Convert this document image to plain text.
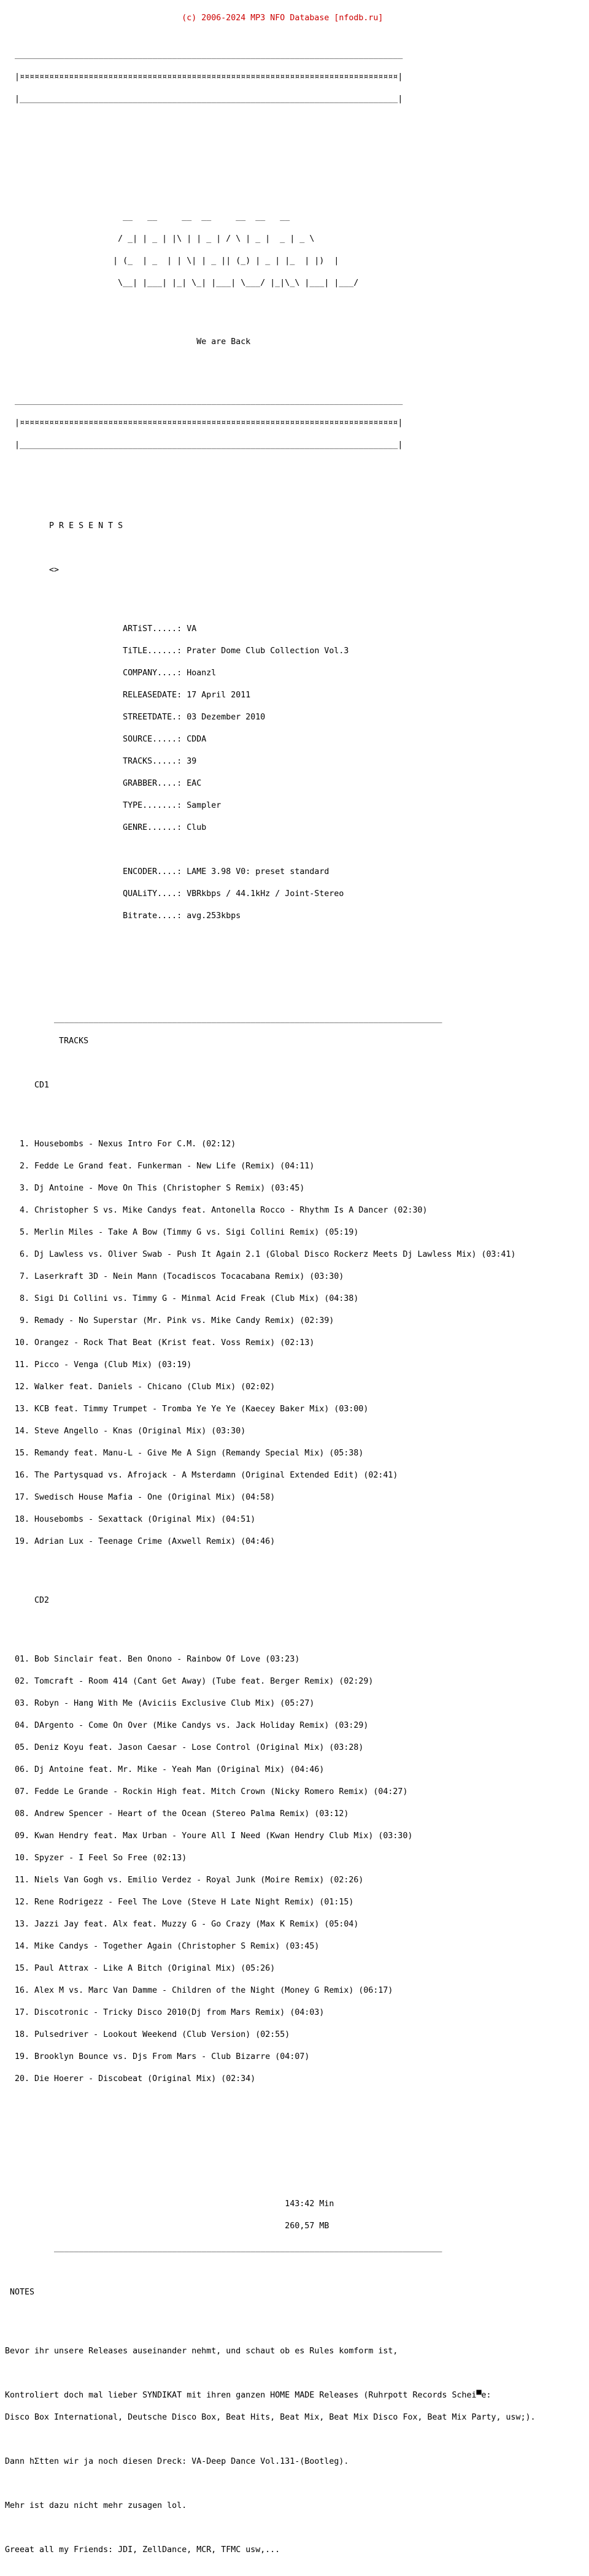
(c) 2006-2024 MP3 NFO Database [nfodb.ru]

_______________________________________________________________________________

|¤¤¤¤¤¤¤¤¤¤¤¤¤¤¤¤¤¤¤¤¤¤¤¤¤¤¤¤¤¤¤¤¤¤¤¤¤¤¤¤¤¤¤¤¤¤¤¤¤¤¤¤¤¤¤¤¤¤¤¤¤¤¤¤¤¤¤¤¤¤¤¤¤¤¤¤¤|

|_____________________________________________________________________________|

__   __     __  __     __  __   __

/ _| | _ | |\ | | _ | / \ | _ |  _ | _ \

| (_  | _  | | \| | _ || (_) | _ | |_  | |)  |

\__| |___| |_| \_| |___| \___/ |_|\_\ |___| |___/

We are Back

_______________________________________________________________________________

|¤¤¤¤¤¤¤¤¤¤¤¤¤¤¤¤¤¤¤¤¤¤¤¤¤¤¤¤¤¤¤¤¤¤¤¤¤¤¤¤¤¤¤¤¤¤¤¤¤¤¤¤¤¤¤¤¤¤¤¤¤¤¤¤¤¤¤¤¤¤¤¤¤¤¤¤¤|

|_____________________________________________________________________________|

P R E S E N T S

<>

ARTiST.....: VA

TiTLE......: Prater Dome Club Collection Vol.3

COMPANY....: Hoanzl

RELEASEDATE: 17 April 2011

STREETDATE.: 03 Dezember 2010

SOURCE.....: CDDA

TRACKS.....: 39

GRABBER....: EAC

TYPE.......: Sampler

GENRE......: Club

ENCODER....: LAME 3.98 V0: preset standard

QUALiTY....: VBRkbps / 44.1kHz / Joint-Stereo

Bitrate....: avg.253kbps

_______________________________________________________________________________

TRACKS

CD1

1. Housebombs - Nexus Intro For C.M. (02:12)

2. Fedde Le Grand feat. Funkerman - New Life (Remix) (04:11)

3. Dj Antoine - Move On This (Christopher S Remix) (03:45)

4. Christopher S vs. Mike Candys feat. Antonella Rocco - Rhythm Is A Dancer (02:30)

5. Merlin Miles - Take A Bow (Timmy G vs. Sigi Collini Remix) (05:19)

6. Dj Lawless vs. Oliver Swab - Push It Again 2.1 (Global Disco Rockerz Meets Dj Lawless Mix) (03:41)

7. Laserkraft 3D - Nein Mann (Tocadiscos Tocacabana Remix) (03:30)

8. Sigi Di Collini vs. Timmy G - Minmal Acid Freak (Club Mix) (04:38)

9. Remady - No Superstar (Mr. Pink vs. Mike Candy Remix) (02:39)

10. Orangez - Rock That Beat (Krist feat. Voss Remix) (02:13)

11. Picco - Venga (Club Mix) (03:19)

12. Walker feat. Daniels - Chicano (Club Mix) (02:02)

13. KCB feat. Timmy Trumpet - Tromba Ye Ye Ye (Kaecey Baker Mix) (03:00)

14. Steve Angello - Knas (Original Mix) (03:30)

15. Remandy feat. Manu-L - Give Me A Sign (Remandy Special Mix) (05:38)

16. The Partysquad vs. Afrojack - A Msterdamn (Original Extended Edit) (02:41)

17. Swedisch House Mafia - One (Original Mix) (04:58)

18. Housebombs - Sexattack (Original Mix) (04:51)

19. Adrian Lux - Teenage Crime (Axwell Remix) (04:46)

CD2

01. Bob Sinclair feat. Ben Onono - Rainbow Of Love (03:23)

02. Tomcraft - Room 414 (Cant Get Away) (Tube feat. Berger Remix) (02:29)

03. Robyn - Hang With Me (Aviciis Exclusive Club Mix) (05:27)

04. DArgento - Come On Over (Mike Candys vs. Jack Holiday Remix) (03:29)

05. Deniz Koyu feat. Jason Caesar - Lose Control (Original Mix) (03:28)

06. Dj Antoine feat. Mr. Mike - Yeah Man (Original Mix) (04:46)

07. Fedde Le Grande - Rockin High feat. Mitch Crown (Nicky Romero Remix) (04:27)

08. Andrew Spencer - Heart of the Ocean (Stereo Palma Remix) (03:12)

09. Kwan Hendry feat. Max Urban - Youre All I Need (Kwan Hendry Club Mix) (03:30)

10. Spyzer - I Feel So Free (02:13)

11. Niels Van Gogh vs. Emilio Verdez - Royal Junk (Moire Remix) (02:26)

12. Rene Rodrigezz - Feel The Love (Steve H Late Night Remix) (01:15)

13. Jazzi Jay feat. Alx feat. Muzzy G - Go Crazy (Max K Remix) (05:04)

14. Mike Candys - Together Again (Christopher S Remix) (03:45)

15. Paul Attrax - Like A Bitch (Original Mix) (05:26)

16. Alex M vs. Marc Van Damme - Children of the Night (Money G Remix) (06:17)

17. Discotronic - Tricky Disco 2010(Dj from Mars Remix) (04:03)

18. Pulsedriver - Lookout Weekend (Club Version) (02:55)

19. Brooklyn Bounce vs. Djs From Mars - Club Bizarre (04:07)

20. Die Hoerer - Discobeat (Original Mix) (02:34)

143:42 Min

260,57 MB

_______________________________________________________________________________

NOTES

Bevor ihr unsere Releases auseinander nehmt, und schaut ob es Rules komform ist,

Kontroliert doch mal lieber SYNDIKAT mit ihren ganzen HOME MADE Releases (Ruhrpott Records Schei▀e:

Disco Box International, Deutsche Disco Box, Beat Hits, Beat Mix, Beat Mix Disco Fox, Beat Mix Party, usw;).

Dann hΣtten wir ja noch diesen Dreck: VA-Deep Dance Vol.131-(Bootleg).

Mehr ist dazu nicht mehr zusagen lol.

Greeat all my Friends: JDI, ZellDance, MCR, TFMC usw,...
